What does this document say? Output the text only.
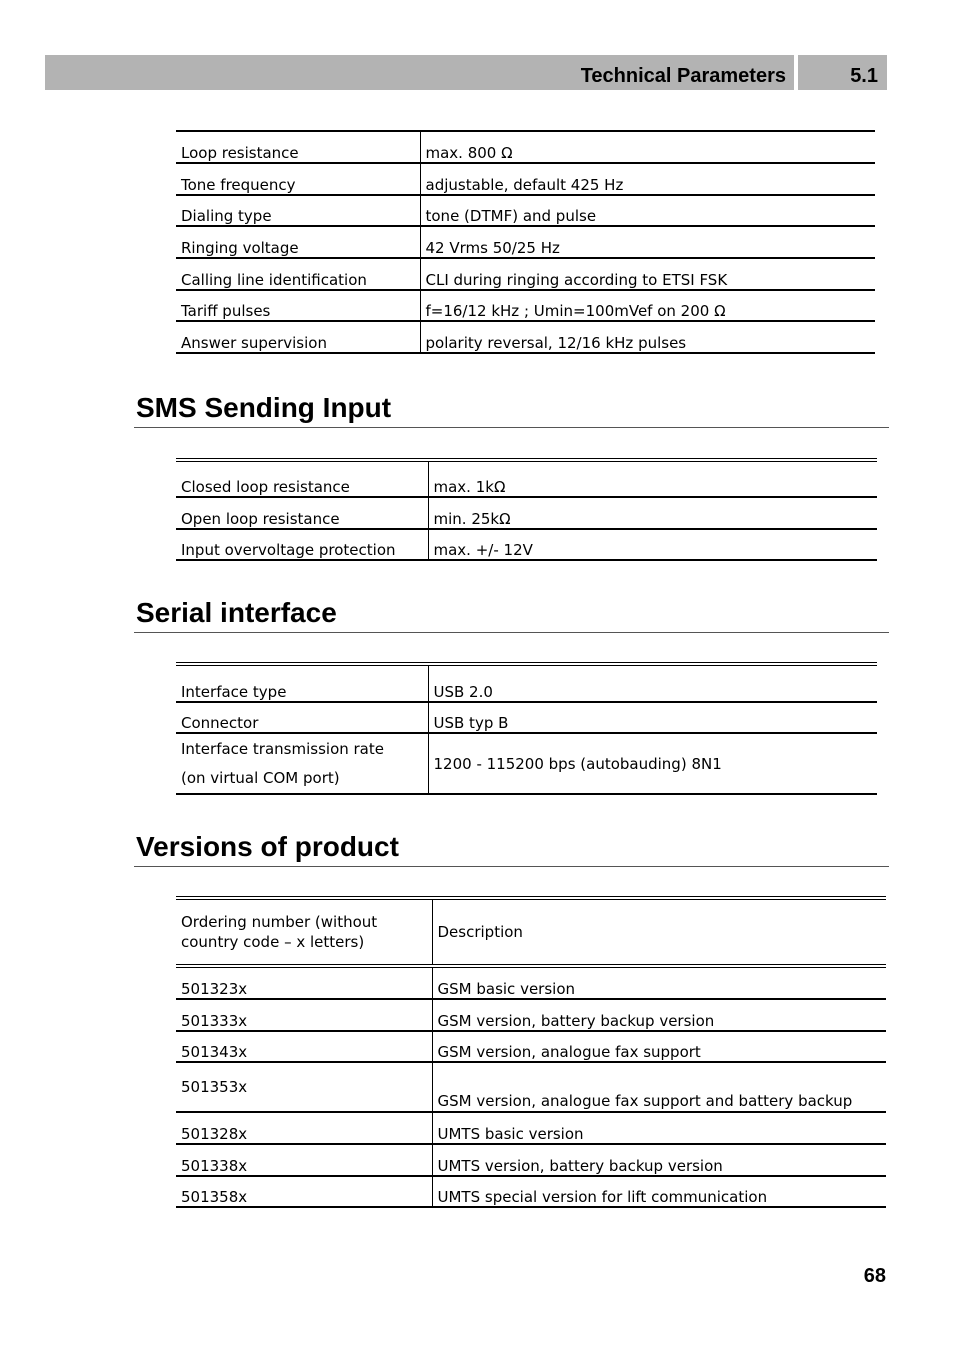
Technical Parameters	5.1
Loop resistance	max. 800 Ω
Tone frequency	adjustable, default 425 Hz
Dialing type	tone (DTMF) and pulse
Ringing voltage	42 Vrms 50/25 Hz
Calling line identification	CLI during ringing according to ETSI FSK
Tariff pulses	f=16/12 kHz ; Umin=100mVef on 200 Ω
Answer supervision	polarity reversal, 12/16 kHz pulses
SMS Sending Input
Closed loop resistance	max. 1kΩ
Open loop resistance	min. 25kΩ
Input overvoltage protection	max. +/- 12V
Serial interface
Interface type	USB 2.0
Connector	USB typ B

Interface transmission rate
(on virtual COM port)	1200 - 115200 bps (autobauding) 8N1
Versions of product
Ordering number (without country code – x letters)	Description
501323x	GSM basic version
501333x	GSM version, battery backup version
501343x	GSM version, analogue fax support
501353x	GSM version, analogue fax support and battery backup
501328x	UMTS basic version
501338x	UMTS version, battery backup version
501358x	UMTS special version for lift communication
68
